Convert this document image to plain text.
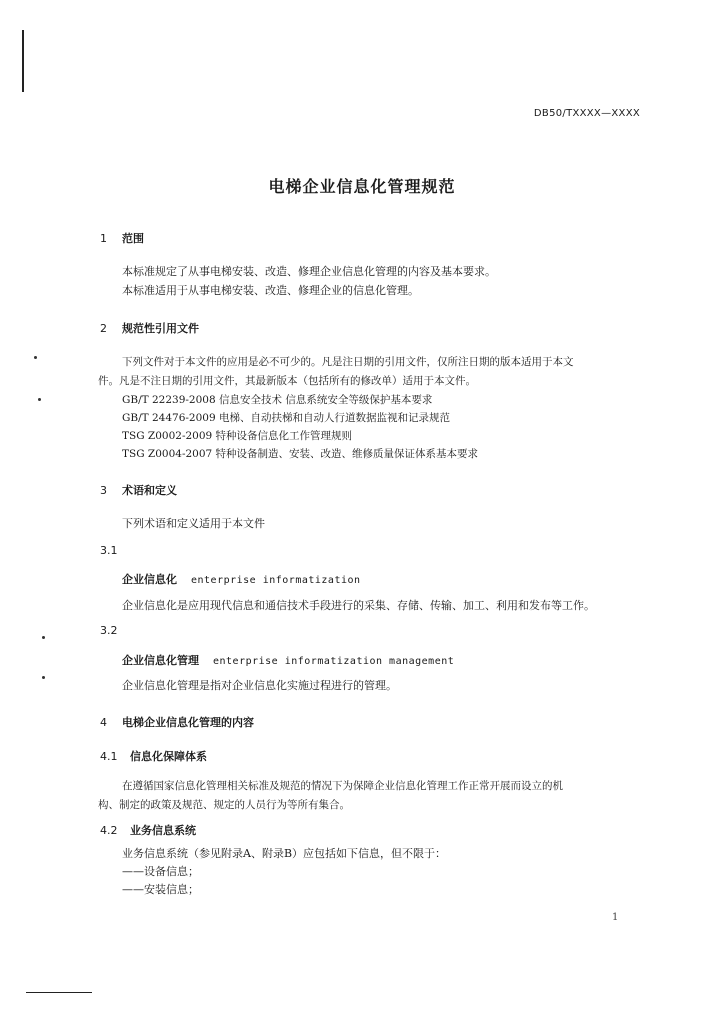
DB50/TXXXX—XXXX
电梯企业信息化管理规范
1 范围
本标准规定了从事电梯安装、改造、修理企业信息化管理的内容及基本要求。
本标准适用于从事电梯安装、改造、修理企业的信息化管理。
2 规范性引用文件
下列文件对于本文件的应用是必不可少的。凡是注日期的引用文件，仅所注日期的版本适用于本文
件。凡是不注日期的引用文件，其最新版本（包括所有的修改单）适用于本文件。
GB/T 22239-2008 信息安全技术 信息系统安全等级保护基本要求
GB/T 24476-2009 电梯、自动扶梯和自动人行道数据监视和记录规范
TSG Z0002-2009 特种设备信息化工作管理规则
TSG Z0004-2007 特种设备制造、安装、改造、维修质量保证体系基本要求
3 术语和定义
下列术语和定义适用于本文件
3.1
企业信息化 enterprise informatization
企业信息化是应用现代信息和通信技术手段进行的采集、存储、传输、加工、利用和发布等工作。
3.2
企业信息化管理 enterprise informatization management
企业信息化管理是指对企业信息化实施过程进行的管理。
4 电梯企业信息化管理的内容
4.1 信息化保障体系
在遵循国家信息化管理相关标准及规范的情况下为保障企业信息化管理工作正常开展而设立的机
构、制定的政策及规范、规定的人员行为等所有集合。
4.2 业务信息系统
业务信息系统（参见附录A、附录B）应包括如下信息，但不限于：
——设备信息；
——安装信息；
1
